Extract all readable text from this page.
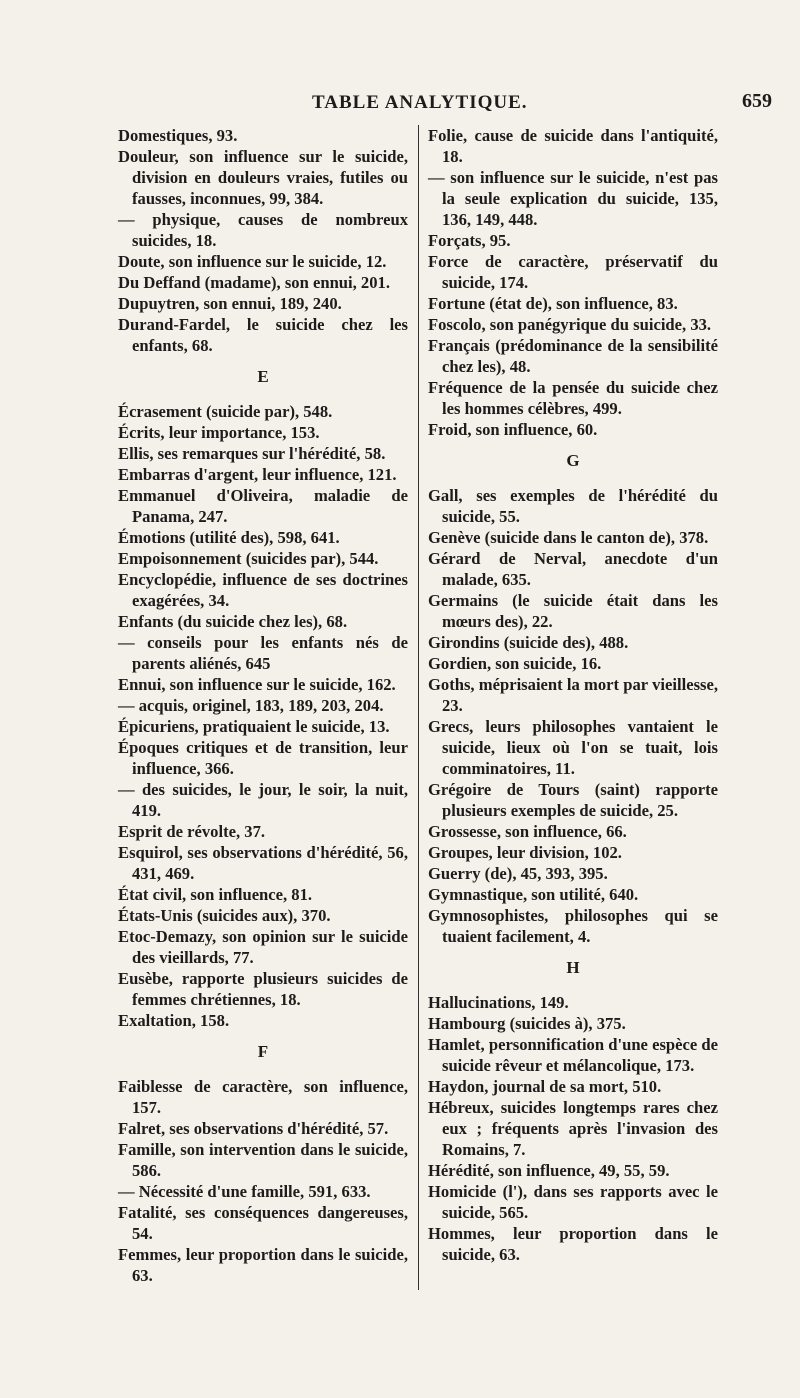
TABLE ANALYTIQUE.	659

Domestiques, 93.

Douleur, son influence sur le suicide, division en douleurs vraies, futiles ou fausses, inconnues, 99, 384.

— physique, causes de nombreux suicides, 18.

Doute, son influence sur le suicide, 12.

Du Deffand (madame), son ennui, 201.

Dupuytren, son ennui, 189, 240.

Durand-Fardel, le suicide chez les enfants, 68.

E

Écrasement (suicide par), 548.

Écrits, leur importance, 153.

Ellis, ses remarques sur l'hérédité, 58.

Embarras d'argent, leur influence, 121.

Emmanuel d'Oliveira, maladie de Panama, 247.

Émotions (utilité des), 598, 641.

Empoisonnement (suicides par), 544.

Encyclopédie, influence de ses doctrines exagérées, 34.

Enfants (du suicide chez les), 68.

— conseils pour les enfants nés de parents aliénés, 645

Ennui, son influence sur le suicide, 162.

— acquis, originel, 183, 189, 203, 204.

Épicuriens, pratiquaient le suicide, 13.

Époques critiques et de transition, leur influence, 366.

— des suicides, le jour, le soir, la nuit, 419.

Esprit de révolte, 37.

Esquirol, ses observations d'hérédité, 56, 431, 469.

État civil, son influence, 81.

États-Unis (suicides aux), 370.

Etoc-Demazy, son opinion sur le suicide des vieillards, 77.

Eusèbe, rapporte plusieurs suicides de femmes chrétiennes, 18.

Exaltation, 158.

F

Faiblesse de caractère, son influence, 157.

Falret, ses observations d'hérédité, 57.

Famille, son intervention dans le suicide, 586.

— Nécessité d'une famille, 591, 633.

Fatalité, ses conséquences dangereuses, 54.

Femmes, leur proportion dans le suicide, 63.

Folie, cause de suicide dans l'antiquité, 18.

— son influence sur le suicide, n'est pas la seule explication du suicide, 135, 136, 149, 448.

Forçats, 95.

Force de caractère, préservatif du suicide, 174.

Fortune (état de), son influence, 83.

Foscolo, son panégyrique du suicide, 33.

Français (prédominance de la sensibilité chez les), 48.

Fréquence de la pensée du suicide chez les hommes célèbres, 499.

Froid, son influence, 60.

G

Gall, ses exemples de l'hérédité du suicide, 55.

Genève (suicide dans le canton de), 378.

Gérard de Nerval, anecdote d'un malade, 635.

Germains (le suicide était dans les mœurs des), 22.

Girondins (suicide des), 488.

Gordien, son suicide, 16.

Goths, méprisaient la mort par vieillesse, 23.

Grecs, leurs philosophes vantaient le suicide, lieux où l'on se tuait, lois comminatoires, 11.

Grégoire de Tours (saint) rapporte plusieurs exemples de suicide, 25.

Grossesse, son influence, 66.

Groupes, leur division, 102.

Guerry (de), 45, 393, 395.

Gymnastique, son utilité, 640.

Gymnosophistes, philosophes qui se tuaient facilement, 4.

H

Hallucinations, 149.

Hambourg (suicides à), 375.

Hamlet, personnification d'une espèce de suicide rêveur et mélancolique, 173.

Haydon, journal de sa mort, 510.

Hébreux, suicides longtemps rares chez eux ; fréquents après l'invasion des Romains, 7.

Hérédité, son influence, 49, 55, 59.

Homicide (l'), dans ses rapports avec le suicide, 565.

Hommes, leur proportion dans le suicide, 63.
